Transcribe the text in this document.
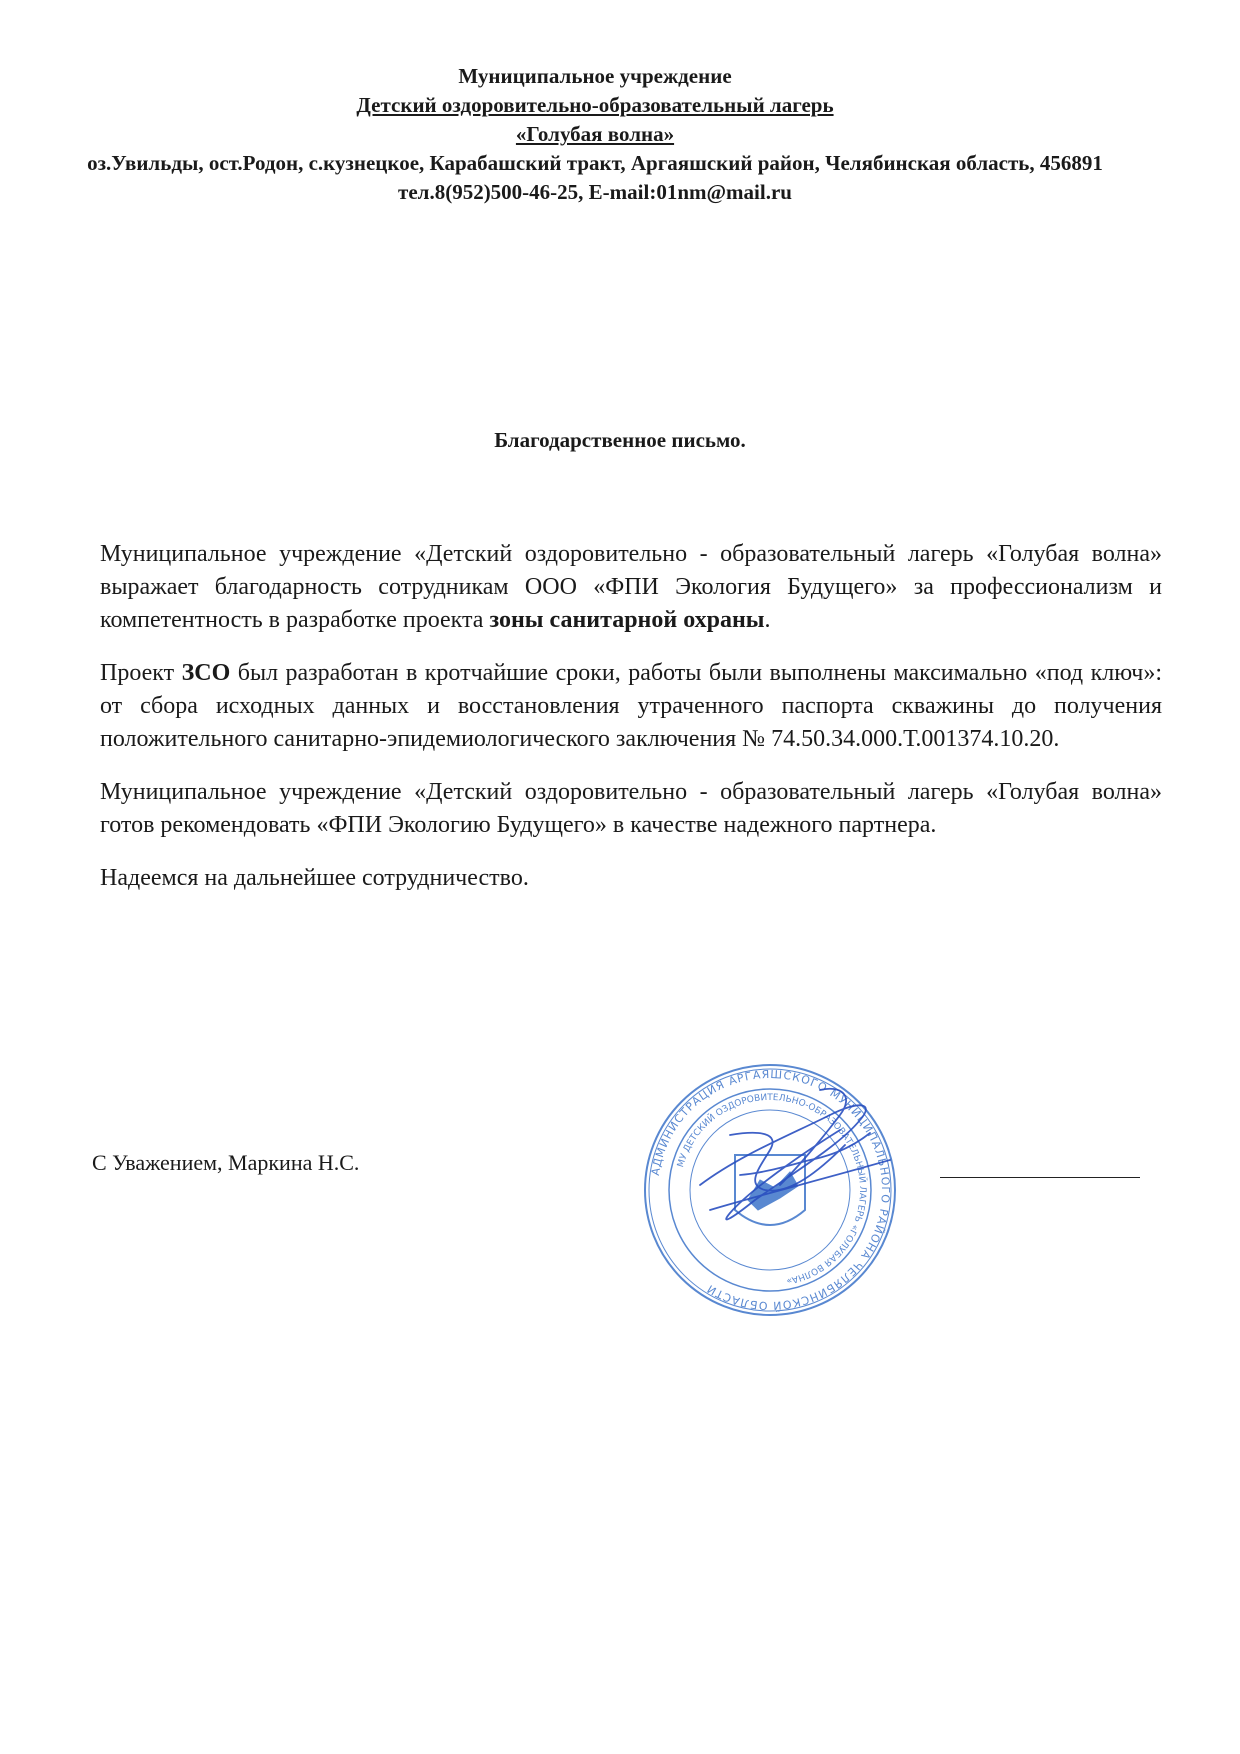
Муниципальное учреждение
Детский оздоровительно-образовательный лагерь
«Голубая волна»
оз.Увильды, ост.Родон, с.кузнецкое, Карабашский тракт, Аргаяшский район, Челябинская область, 456891
тел.8(952)500-46-25, E-mail:01nm@mail.ru
Благодарственное письмо.

Муниципальное учреждение «Детский оздоровительно - образовательный лагерь «Голубая волна» выражает благодарность сотрудникам ООО «ФПИ Экология Будущего» за профессионализм и компетентность в разработке проекта зоны санитарной охраны.

Проект ЗСО был разработан в кротчайшие сроки, работы были выполнены максимально «под ключ»: от сбора исходных данных и восстановления утраченного паспорта скважины до получения положительного санитарно-эпидемиологического заключения № 74.50.34.000.Т.001374.10.20.

Муниципальное учреждение «Детский оздоровительно - образовательный лагерь «Голубая волна» готов рекомендовать «ФПИ Экологию Будущего» в качестве надежного партнера.

Надеемся на дальнейшее сотрудничество.

С Уважением, Маркина Н.С.	АДМИНИСТРАЦИЯ АРГАЯШСКОГО МУНИЦИПАЛЬНОГО РАЙОНА ЧЕЛЯБИНСКОЙ ОБЛАСТИ
МУ ДЕТСКИЙ ОЗДОРОВИТЕЛЬНО-ОБРАЗОВАТЕЛЬНЫЙ ЛАГЕРЬ «ГОЛУБАЯ ВОЛНА»
